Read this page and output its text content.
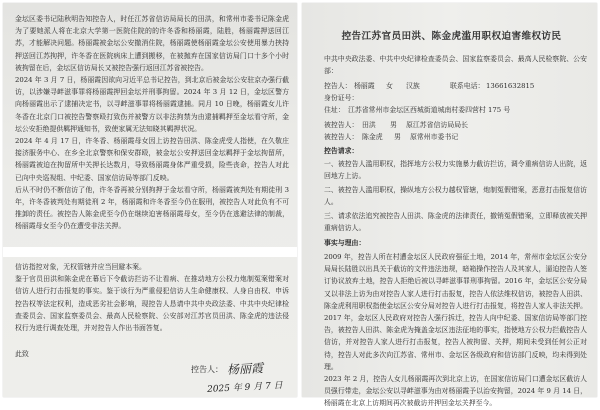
金坛区委书记陆秋明告知控告人，时任江苏省信访局局长的田洪，和常州市委书记陈金虎为了要她派人将在北京大学第一医院住院的的许冬香和杨丽霞，陆胜，杨丽霞押送回江苏，才能解决问题。杨丽霞被金坛公安撤消住院，杨丽霞使杨丽霞金坛公安使用暴力挟持押送回江苏拘押，许冬香在医院病床上遭到搬移，在被抛弃在国家信访局门口十多个小时被拘留在后，金坛区信访局长又被控告强行返回江苏省被控告。
2024 年 3 月 7 日，杨丽霞因欲向习近平总书记控告，到北京后被金坛公安驻京办强行截访，以涉嫌寻衅滋事罪将杨丽霞押回金坛并刑事拘留。2024 年 3 月 12 日，金坛区警方向杨丽霞出示了逮捕决定书，以寻衅滋事罪将杨丽霞逮捕。同月 10 日晚，杨丽霞女儿许冬香在北京门口被控告警察殴打致伤并被警方以非法拘禁为由逮捕羁押至金坛看守所，金坛公安拒绝提供羁押通知书，致使家属无法知晓其羁押状况。
2024 年 4 月 17 日，许冬香、杨丽霞母女因上访控告田洪、陈金虎受人指使，在久敬庄接济服务中心、在乡全北京警察和保安群殴，被金坛公安押送回金坛羁押于金坛拘留所，杨丽霞被迫在拘留所中关押长达数月，导致杨丽霞身体严重受损，险些丧命，控告人对此已向中央巡视组、中纪委、国家信访局等部门反映。
后从不时仍不断信访了他，许冬香再被分别拘押于金坛看守所，杨丽霞被判处有期徒刑 3 年，许冬香被判处有期徒刑 2 年，杨丽霞和许冬香至今仍在服刑，被控告人对此负有不可推卸的责任。被控告人陈金虎至今仍在继续迫害杨丽霞母女，至今仍在逃避法律的制裁，杨丽霞母女至今仍在遭受非法关押。

信访指控对象，无权管辖并应当回避本案。
鉴于官员田洪和陈金虎在幕后下令截访拦访不让看病、在推动地方公权力炮制冤案错案对信访人进行打击报复的事实。鉴于该行为严重侵犯信访人生命健康权、人身自由权、申诉控告权等法定权利，造成恶劣社会影响，现控告人恳请中共中央政法委、中共中央纪律检查委员会、国家监察委员会、最高人民检察院、公安部对江苏官员田洪、陈金虎的违法侵权行为进行调查处理，并对控告人作出书面答复。

此致
控告人： 杨丽霞
2025 年 9 月 7 日
控告江苏官员田洪、陈金虎滥用职权迫害维权访民

中共中央政法委、中共中央纪律检查委员会、国家监察委员会、最高人民检察院、公安部：

控告人： 杨丽霞 女 汉族	联系电话： 13661632815
身份证号：
住址： 江苏省常州市金坛区西城街道城南村委四营村 175 号
被控告人： 田洪 男 原江苏省信访局局长
被控告人： 陈金虎 男 原常州市委书记
控告请求：

一、被控告人滥用职权，指挥地方公权力实施暴力截访拦访，调令重病信访人出院，返回地方上访。

二、被控告人滥用职权，操纵地方公权力越权管辖，炮制冤假错案，恶意打击报复信访人。

三、请求依法追究被控告人田洪、陈金虎的法律责任，撤销冤假错案，立即释放被关押重病信访人。

事实与理由：

2009 年，控告人所在村遭金坛区人民政府强征土地，2014 年，常州市金坛区公安分局局长陆胜以出具关于截访的文件违法违规，暗箱操作控告人及其家人，逼迫控告人签订协议放弃土地，控告人拒绝后被以寻衅滋事罪刑事拘留。2016 年，金坛区公安分局又以非法上访为由对控告人家人进行打击报复，控告人依法维权信访，被控告人田洪、陈金虎利用职权指使金坛区公安分局对控告人进行打击报复，将控告人家人非法关押。2017 年，金坛区人民政府对控告人强行拆迁，控告人向中纪委、国家信访局等部门控告，被控告人田洪、陈金虎为掩盖金坛区违法征地的事实，指使地方公权力拦截控告人信访，并对控告人家人进行打击报复，控告人被拘留、关押，期间未受到任何公正对待，控告人对此多次向江苏省、常州市、金坛区各级政府和信访部门反映，均未得到处理。
2023 年 2 月，控告人女儿杨丽霞再次到北京上访，在国家信访局门口遭金坛区截访人员强行带走，金坛公安以寻衅滋事为由对杨丽霞予以治安拘留，2024 年 9 月 14 日，杨丽霞在北京上访期间再次被截访并押回金坛关押至今。
